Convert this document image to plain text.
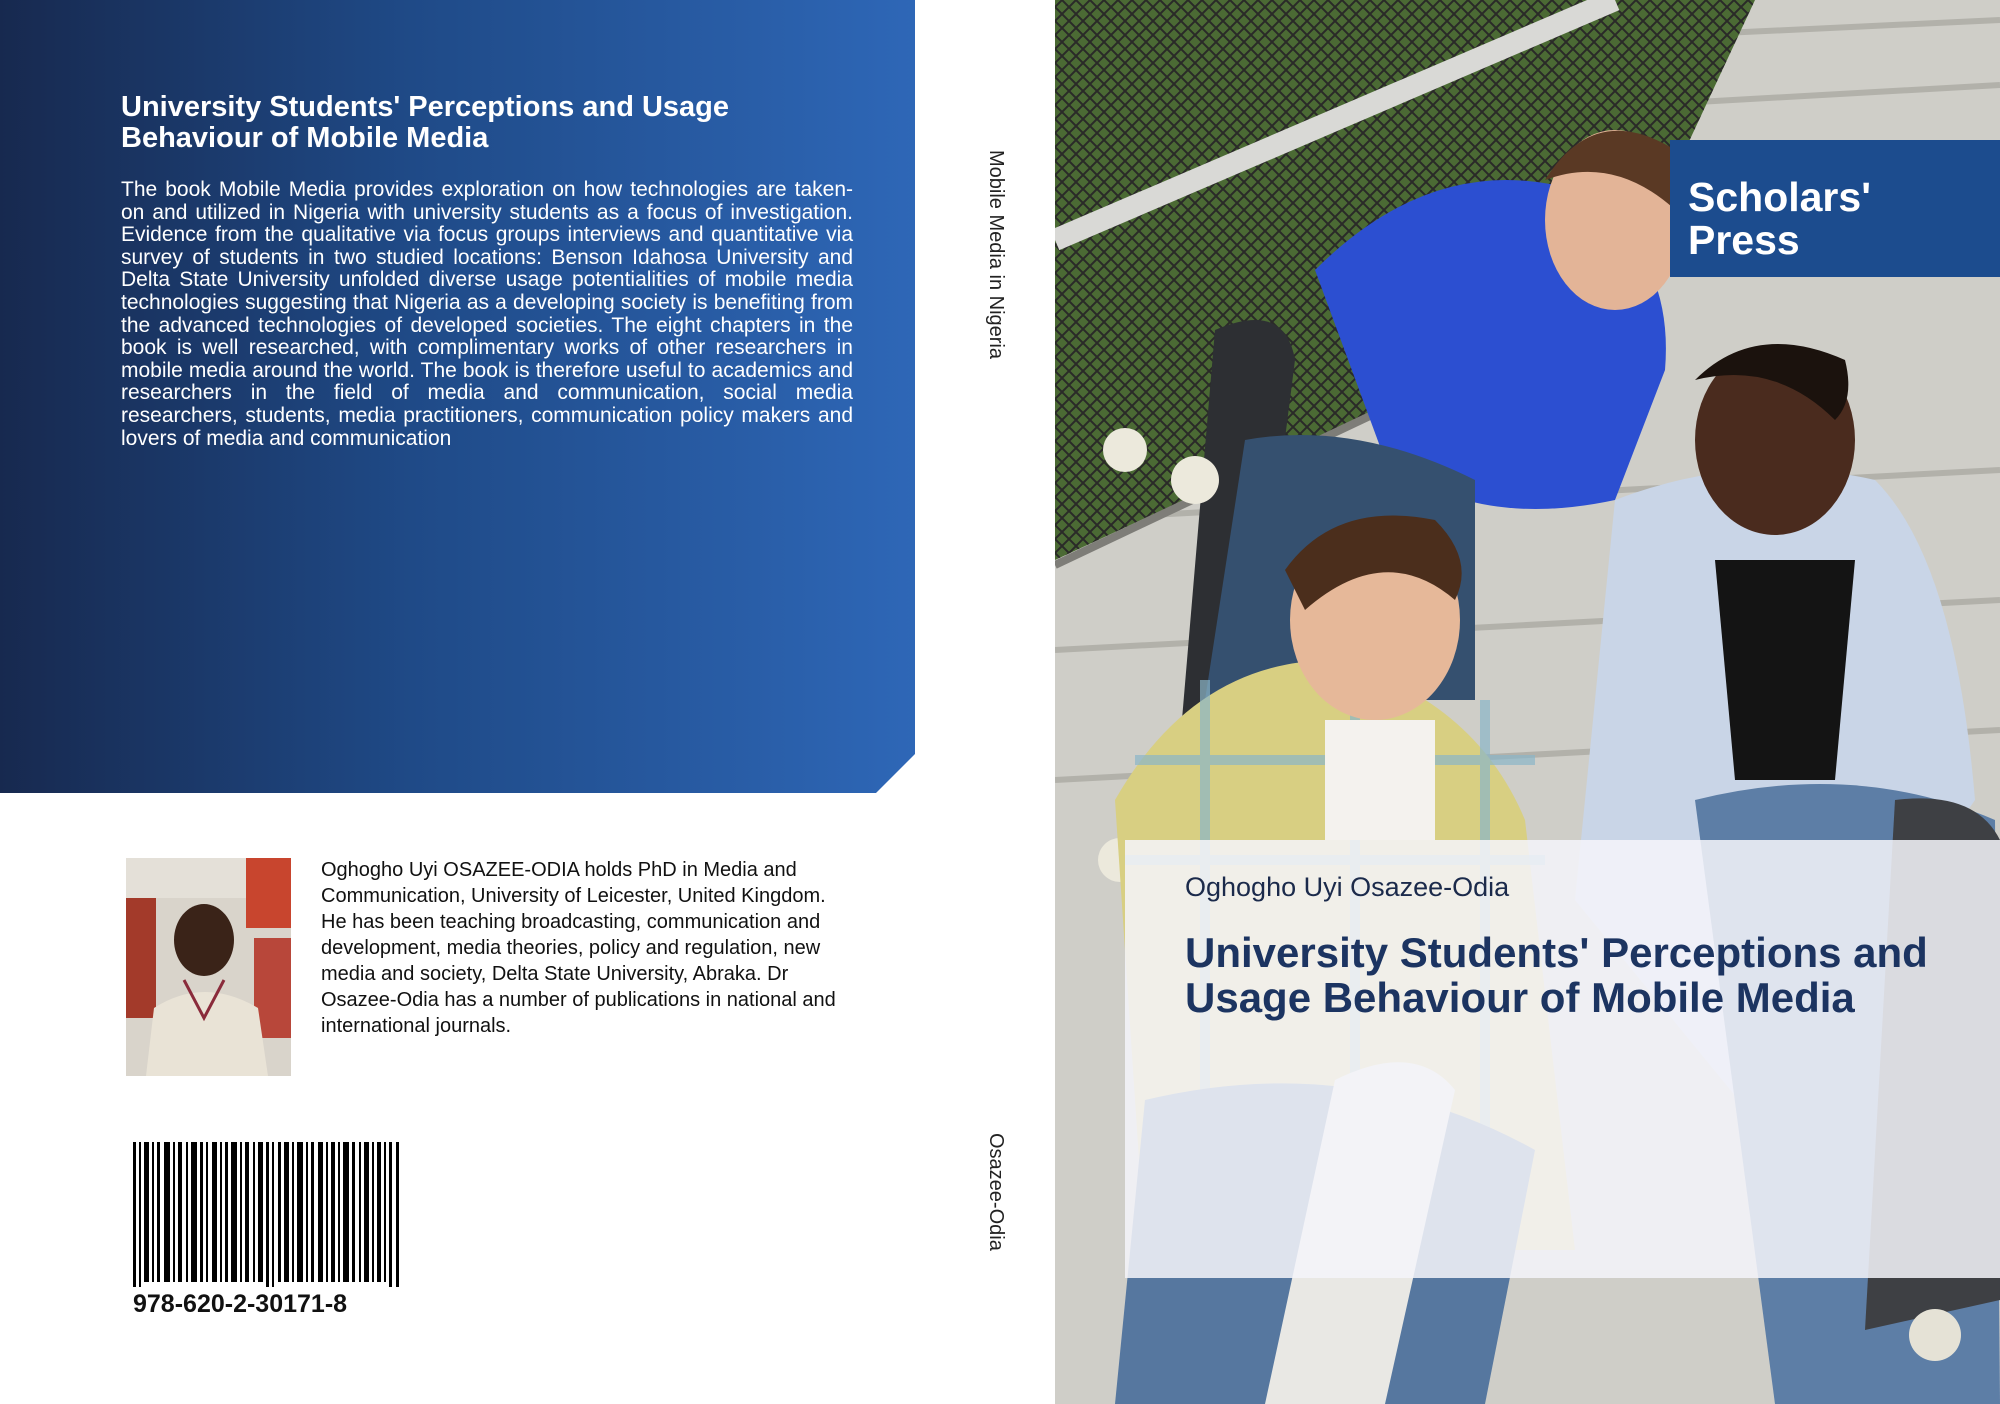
University Students' Perceptions and Usage Behaviour of Mobile Media

The book Mobile Media provides exploration on how technologies are taken-on and utilized in Nigeria with university students as a focus of investigation. Evidence from the qualitative via focus groups interviews and quantitative via survey of students in two studied locations: Benson Idahosa University and Delta State University unfolded diverse usage potentialities of mobile media technologies suggesting that Nigeria as a developing society is benefiting from the advanced technologies of developed societies. The eight chapters in the book is well researched, with complimentary works of other researchers in mobile media around the world. The book is therefore useful to academics and researchers in the field of media and communication, social media researchers, students, media practitioners, communication policy makers and lovers of media and communication

Oghogho Uyi OSAZEE-ODIA holds PhD in Media and Communication, University of Leicester, United Kingdom. He has been teaching broadcasting, communication and development, media theories, policy and regulation, new media and society, Delta State University, Abraka. Dr Osazee-Odia has a number of publications in national and international journals.

978-620-2-30171-8

Mobile Media in Nigeria
Osazee-Odia
Scholars'
Press
Oghogho Uyi Osazee-Odia
University Students' Perceptions and Usage Behaviour of Mobile Media
